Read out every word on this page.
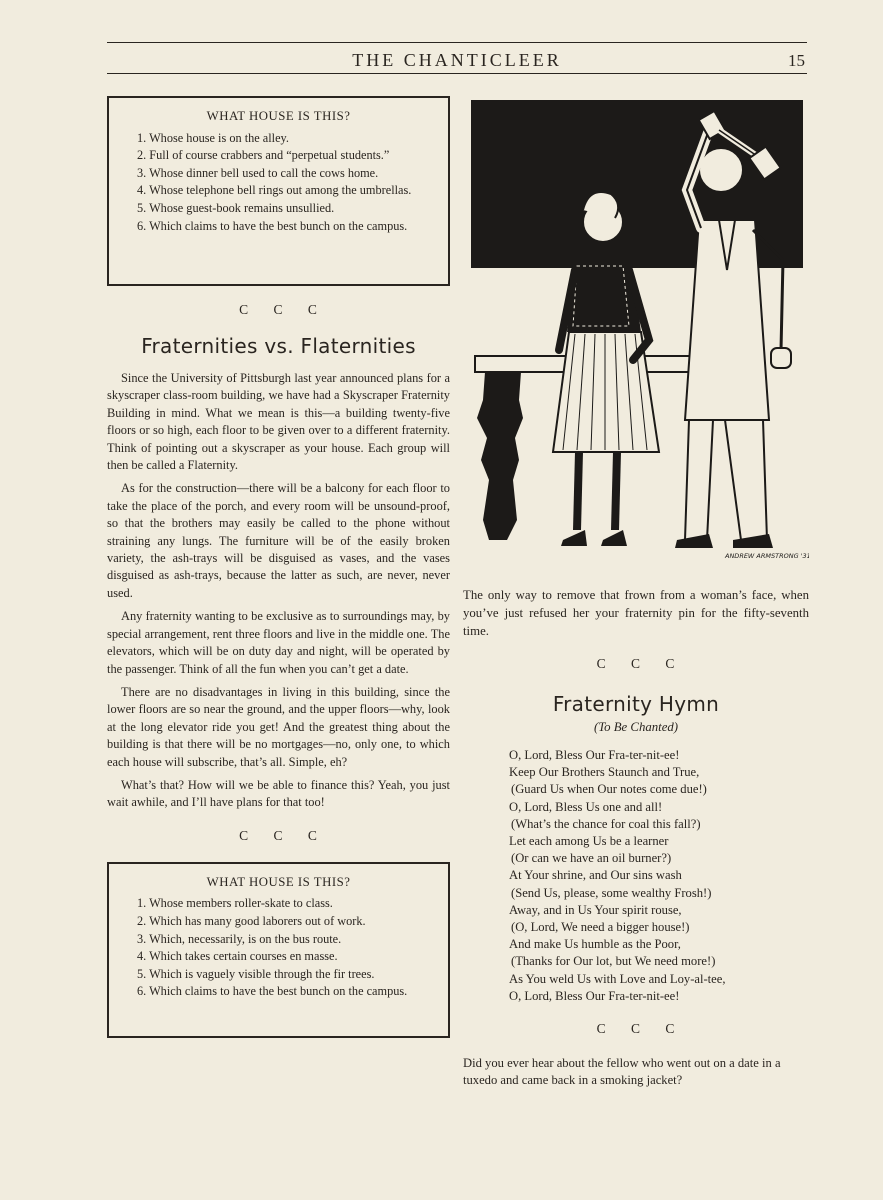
THE CHANTICLEER	15
WHAT HOUSE IS THIS?
1. Whose house is on the alley.
2. Full of course crabbers and “perpetual students.”
3. Whose dinner bell used to call the cows home.
4. Whose telephone bell rings out among the umbrellas.
5. Whose guest-book remains unsullied.
6. Which claims to have the best bunch on the campus.
C C C
Fraternities vs. Flaternities

Since the University of Pittsburgh last year announced plans for a skyscraper class-room building, we have had a Skyscraper Fraternity Building in mind. What we mean is this—a building twenty-five floors or so high, each floor to be given over to a different fraternity. Think of pointing out a skyscraper as your house. Each group will then be called a Flaternity.

As for the construction—there will be a balcony for each floor to take the place of the porch, and every room will be unsound-proof, so that the brothers may easily be called to the phone without straining any lungs. The furniture will be of the easily broken variety, the ash-trays will be disguised as vases, and the vases disguised as ash-trays, because the latter as such, are never, never used.

Any fraternity wanting to be exclusive as to surroundings may, by special arrangement, rent three floors and live in the middle one. The elevators, which will be on duty day and night, will be operated by the passenger. Think of all the fun when you can’t get a date.

There are no disadvantages in living in this building, since the lower floors are so near the ground, and the upper floors—why, look at the long elevator ride you get! And the greatest thing about the building is that there will be no mortgages—no, only one, to which each house will subscribe, that’s all. Simple, eh?

What’s that? How will we be able to finance this? Yeah, you just wait awhile, and I’ll have plans for that too!

C C C
WHAT HOUSE IS THIS?
1. Whose members roller-skate to class.
2. Which has many good laborers out of work.
3. Which, necessarily, is on the bus route.
4. Which takes certain courses en masse.
5. Which is vaguely visible through the fir trees.
6. Which claims to have the best bunch on the campus.
ANDREW ARMSTRONG '31
The only way to remove that frown from a woman’s face, when you’ve just refused her your fraternity pin for the fifty-seventh time.
C C C
Fraternity Hymn
(To Be Chanted)
O, Lord, Bless Our Fra-ter-nit-ee!
Keep Our Brothers Staunch and True,
(Guard Us when Our notes come due!)
O, Lord, Bless Us one and all!
(What’s the chance for coal this fall?)
Let each among Us be a learner
(Or can we have an oil burner?)
At Your shrine, and Our sins wash
(Send Us, please, some wealthy Frosh!)
Away, and in Us Your spirit rouse,
(O, Lord, We need a bigger house!)
And make Us humble as the Poor,
(Thanks for Our lot, but We need more!)
As You weld Us with Love and Loy-al-tee,
O, Lord, Bless Our Fra-ter-nit-ee!
C C C

Did you ever hear about the fellow who went out on a date in a tuxedo and came back in a smoking jacket?
